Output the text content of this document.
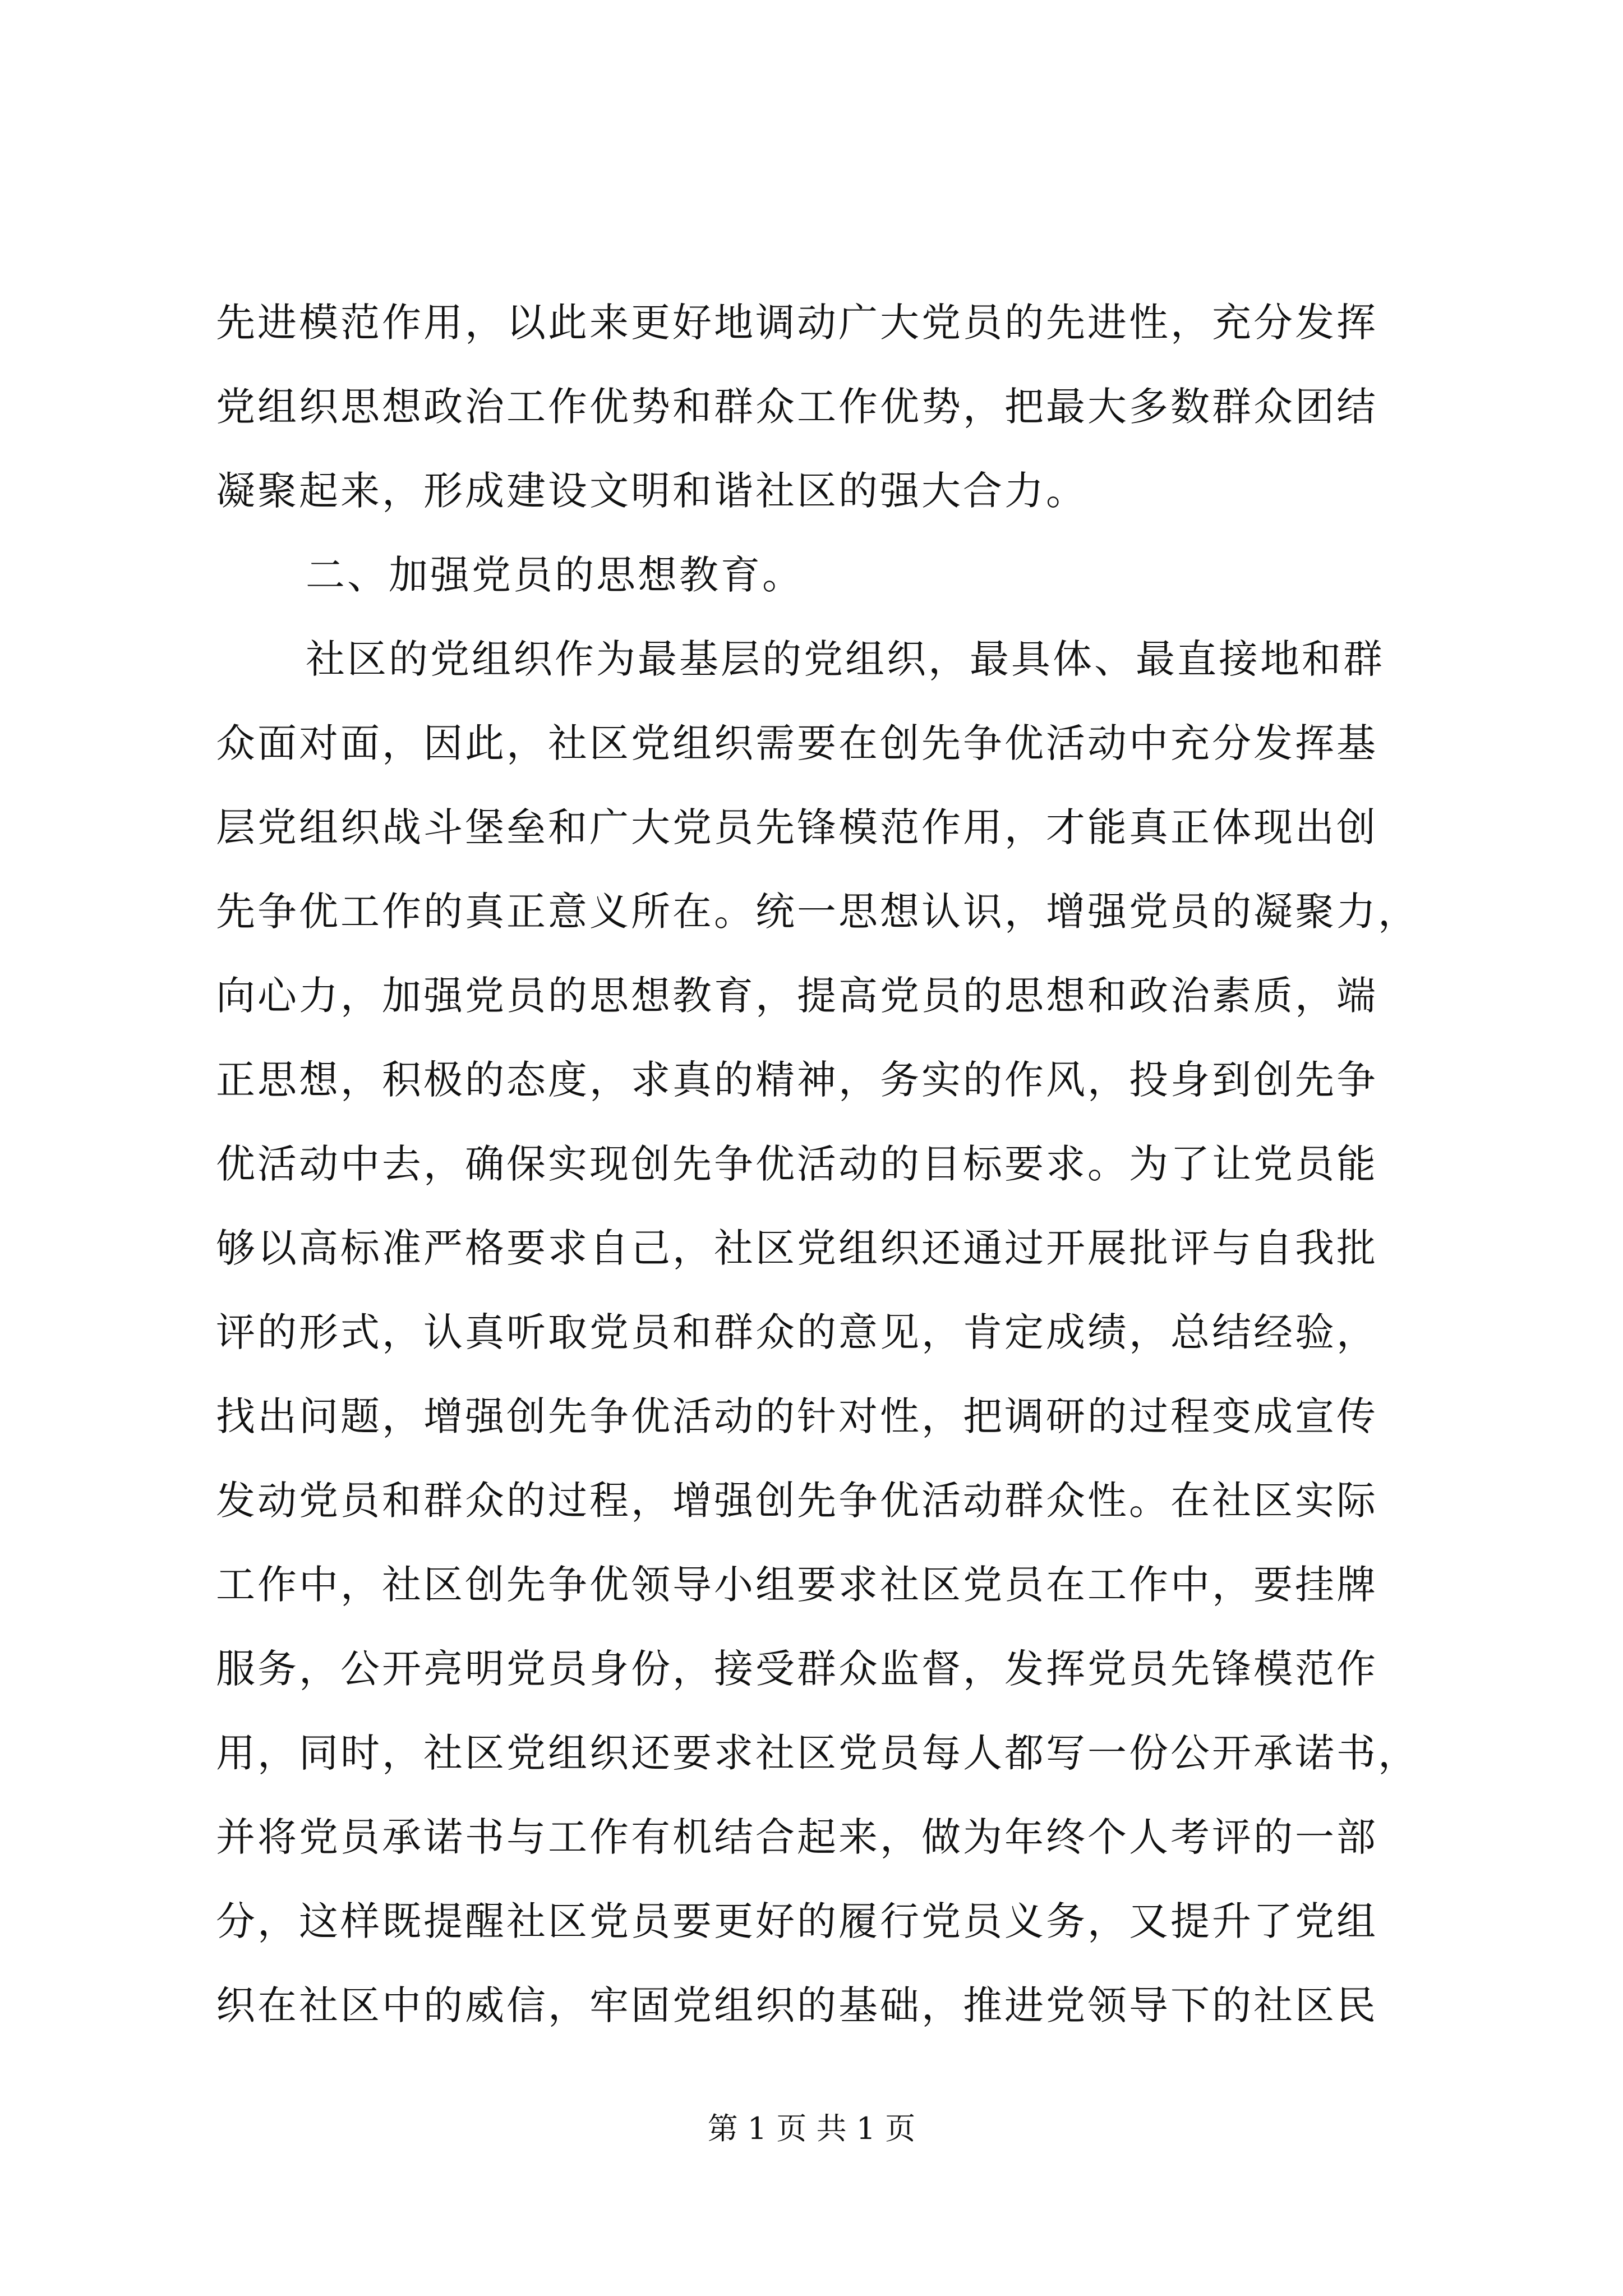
先进模范作用，以此来更好地调动广大党员的先进性，充分发挥
党组织思想政治工作优势和群众工作优势，把最大多数群众团结
凝聚起来，形成建设文明和谐社区的强大合力。
二、加强党员的思想教育。
社区的党组织作为最基层的党组织，最具体、最直接地和群
众面对面，因此，社区党组织需要在创先争优活动中充分发挥基
层党组织战斗堡垒和广大党员先锋模范作用，才能真正体现出创
先争优工作的真正意义所在。统一思想认识，增强党员的凝聚力，
向心力，加强党员的思想教育，提高党员的思想和政治素质，端
正思想，积极的态度，求真的精神，务实的作风，投身到创先争
优活动中去，确保实现创先争优活动的目标要求。为了让党员能
够以高标准严格要求自己，社区党组织还通过开展批评与自我批
评的形式，认真听取党员和群众的意见，肯定成绩，总结经验，
找出问题，增强创先争优活动的针对性，把调研的过程变成宣传
发动党员和群众的过程，增强创先争优活动群众性。在社区实际
工作中，社区创先争优领导小组要求社区党员在工作中，要挂牌
服务，公开亮明党员身份，接受群众监督，发挥党员先锋模范作
用，同时，社区党组织还要求社区党员每人都写一份公开承诺书，
并将党员承诺书与工作有机结合起来，做为年终个人考评的一部
分，这样既提醒社区党员要更好的履行党员义务，又提升了党组
织在社区中的威信，牢固党组织的基础，推进党领导下的社区民
第 1 页 共 1 页
